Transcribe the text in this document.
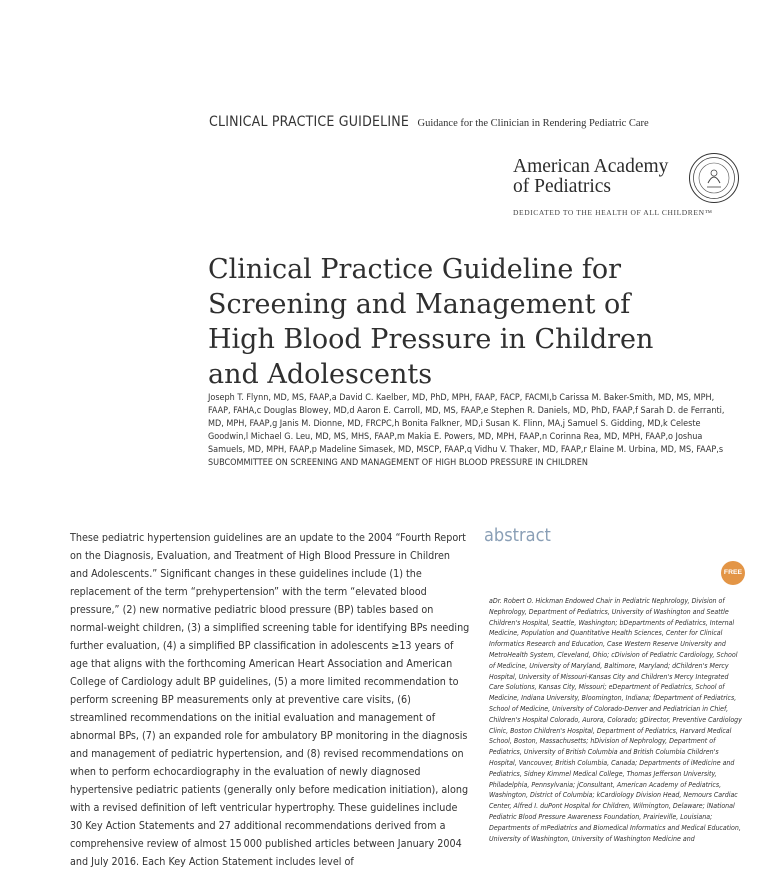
CLINICAL PRACTICE GUIDELINE Guidance for the Clinician in Rendering Pediatric Care
American Academy
of Pediatrics
DEDICATED TO THE HEALTH OF ALL CHILDREN™
Clinical Practice Guideline for Screening and Management of High Blood Pressure in Children and Adolescents

Joseph T. Flynn, MD, MS, FAAP,a David C. Kaelber, MD, PhD, MPH, FAAP, FACP, FACMI,b Carissa M. Baker-Smith, MD, MS, MPH, FAAP, FAHA,c Douglas Blowey, MD,d Aaron E. Carroll, MD, MS, FAAP,e Stephen R. Daniels, MD, PhD, FAAP,f Sarah D. de Ferranti, MD, MPH, FAAP,g Janis M. Dionne, MD, FRCPC,h Bonita Falkner, MD,i Susan K. Flinn, MA,j Samuel S. Gidding, MD,k Celeste Goodwin,l Michael G. Leu, MD, MS, MHS, FAAP,m Makia E. Powers, MD, MPH, FAAP,n Corinna Rea, MD, MPH, FAAP,o Joshua Samuels, MD, MPH, FAAP,p Madeline Simasek, MD, MSCP, FAAP,q Vidhu V. Thaker, MD, FAAP,r Elaine M. Urbina, MD, MS, FAAP,s SUBCOMMITTEE ON SCREENING AND MANAGEMENT OF HIGH BLOOD PRESSURE IN CHILDREN

These pediatric hypertension guidelines are an update to the 2004 “Fourth Report on the Diagnosis, Evaluation, and Treatment of High Blood Pressure in Children and Adolescents.” Significant changes in these guidelines include (1) the replacement of the term “prehypertension” with the term “elevated blood pressure,” (2) new normative pediatric blood pressure (BP) tables based on normal-weight children, (3) a simplified screening table for identifying BPs needing further evaluation, (4) a simplified BP classification in adolescents ≥13 years of age that aligns with the forthcoming American Heart Association and American College of Cardiology adult BP guidelines, (5) a more limited recommendation to perform screening BP measurements only at preventive care visits, (6) streamlined recommendations on the initial evaluation and management of abnormal BPs, (7) an expanded role for ambulatory BP monitoring in the diagnosis and management of pediatric hypertension, and (8) revised recommendations on when to perform echocardiography in the evaluation of newly diagnosed hypertensive pediatric patients (generally only before medication initiation), along with a revised definition of left ventricular hypertrophy. These guidelines include 30 Key Action Statements and 27 additional recommendations derived from a comprehensive review of almost 15 000 published articles between January 2004 and July 2016. Each Key Action Statement includes level of

abstract
FREE

aDr. Robert O. Hickman Endowed Chair in Pediatric Nephrology, Division of Nephrology, Department of Pediatrics, University of Washington and Seattle Children's Hospital, Seattle, Washington; bDepartments of Pediatrics, Internal Medicine, Population and Quantitative Health Sciences, Center for Clinical Informatics Research and Education, Case Western Reserve University and MetroHealth System, Cleveland, Ohio; cDivision of Pediatric Cardiology, School of Medicine, University of Maryland, Baltimore, Maryland; dChildren's Mercy Hospital, University of Missouri-Kansas City and Children's Mercy Integrated Care Solutions, Kansas City, Missouri; eDepartment of Pediatrics, School of Medicine, Indiana University, Bloomington, Indiana; fDepartment of Pediatrics, School of Medicine, University of Colorado-Denver and Pediatrician in Chief, Children's Hospital Colorado, Aurora, Colorado; gDirector, Preventive Cardiology Clinic, Boston Children's Hospital, Department of Pediatrics, Harvard Medical School, Boston, Massachusetts; hDivision of Nephrology, Department of Pediatrics, University of British Columbia and British Columbia Children's Hospital, Vancouver, British Columbia, Canada; Departments of iMedicine and Pediatrics, Sidney Kimmel Medical College, Thomas Jefferson University, Philadelphia, Pennsylvania; jConsultant, American Academy of Pediatrics, Washington, District of Columbia; kCardiology Division Head, Nemours Cardiac Center, Alfred I. duPont Hospital for Children, Wilmington, Delaware; lNational Pediatric Blood Pressure Awareness Foundation, Prairieville, Louisiana; Departments of mPediatrics and Biomedical Informatics and Medical Education, University of Washington, University of Washington Medicine and
